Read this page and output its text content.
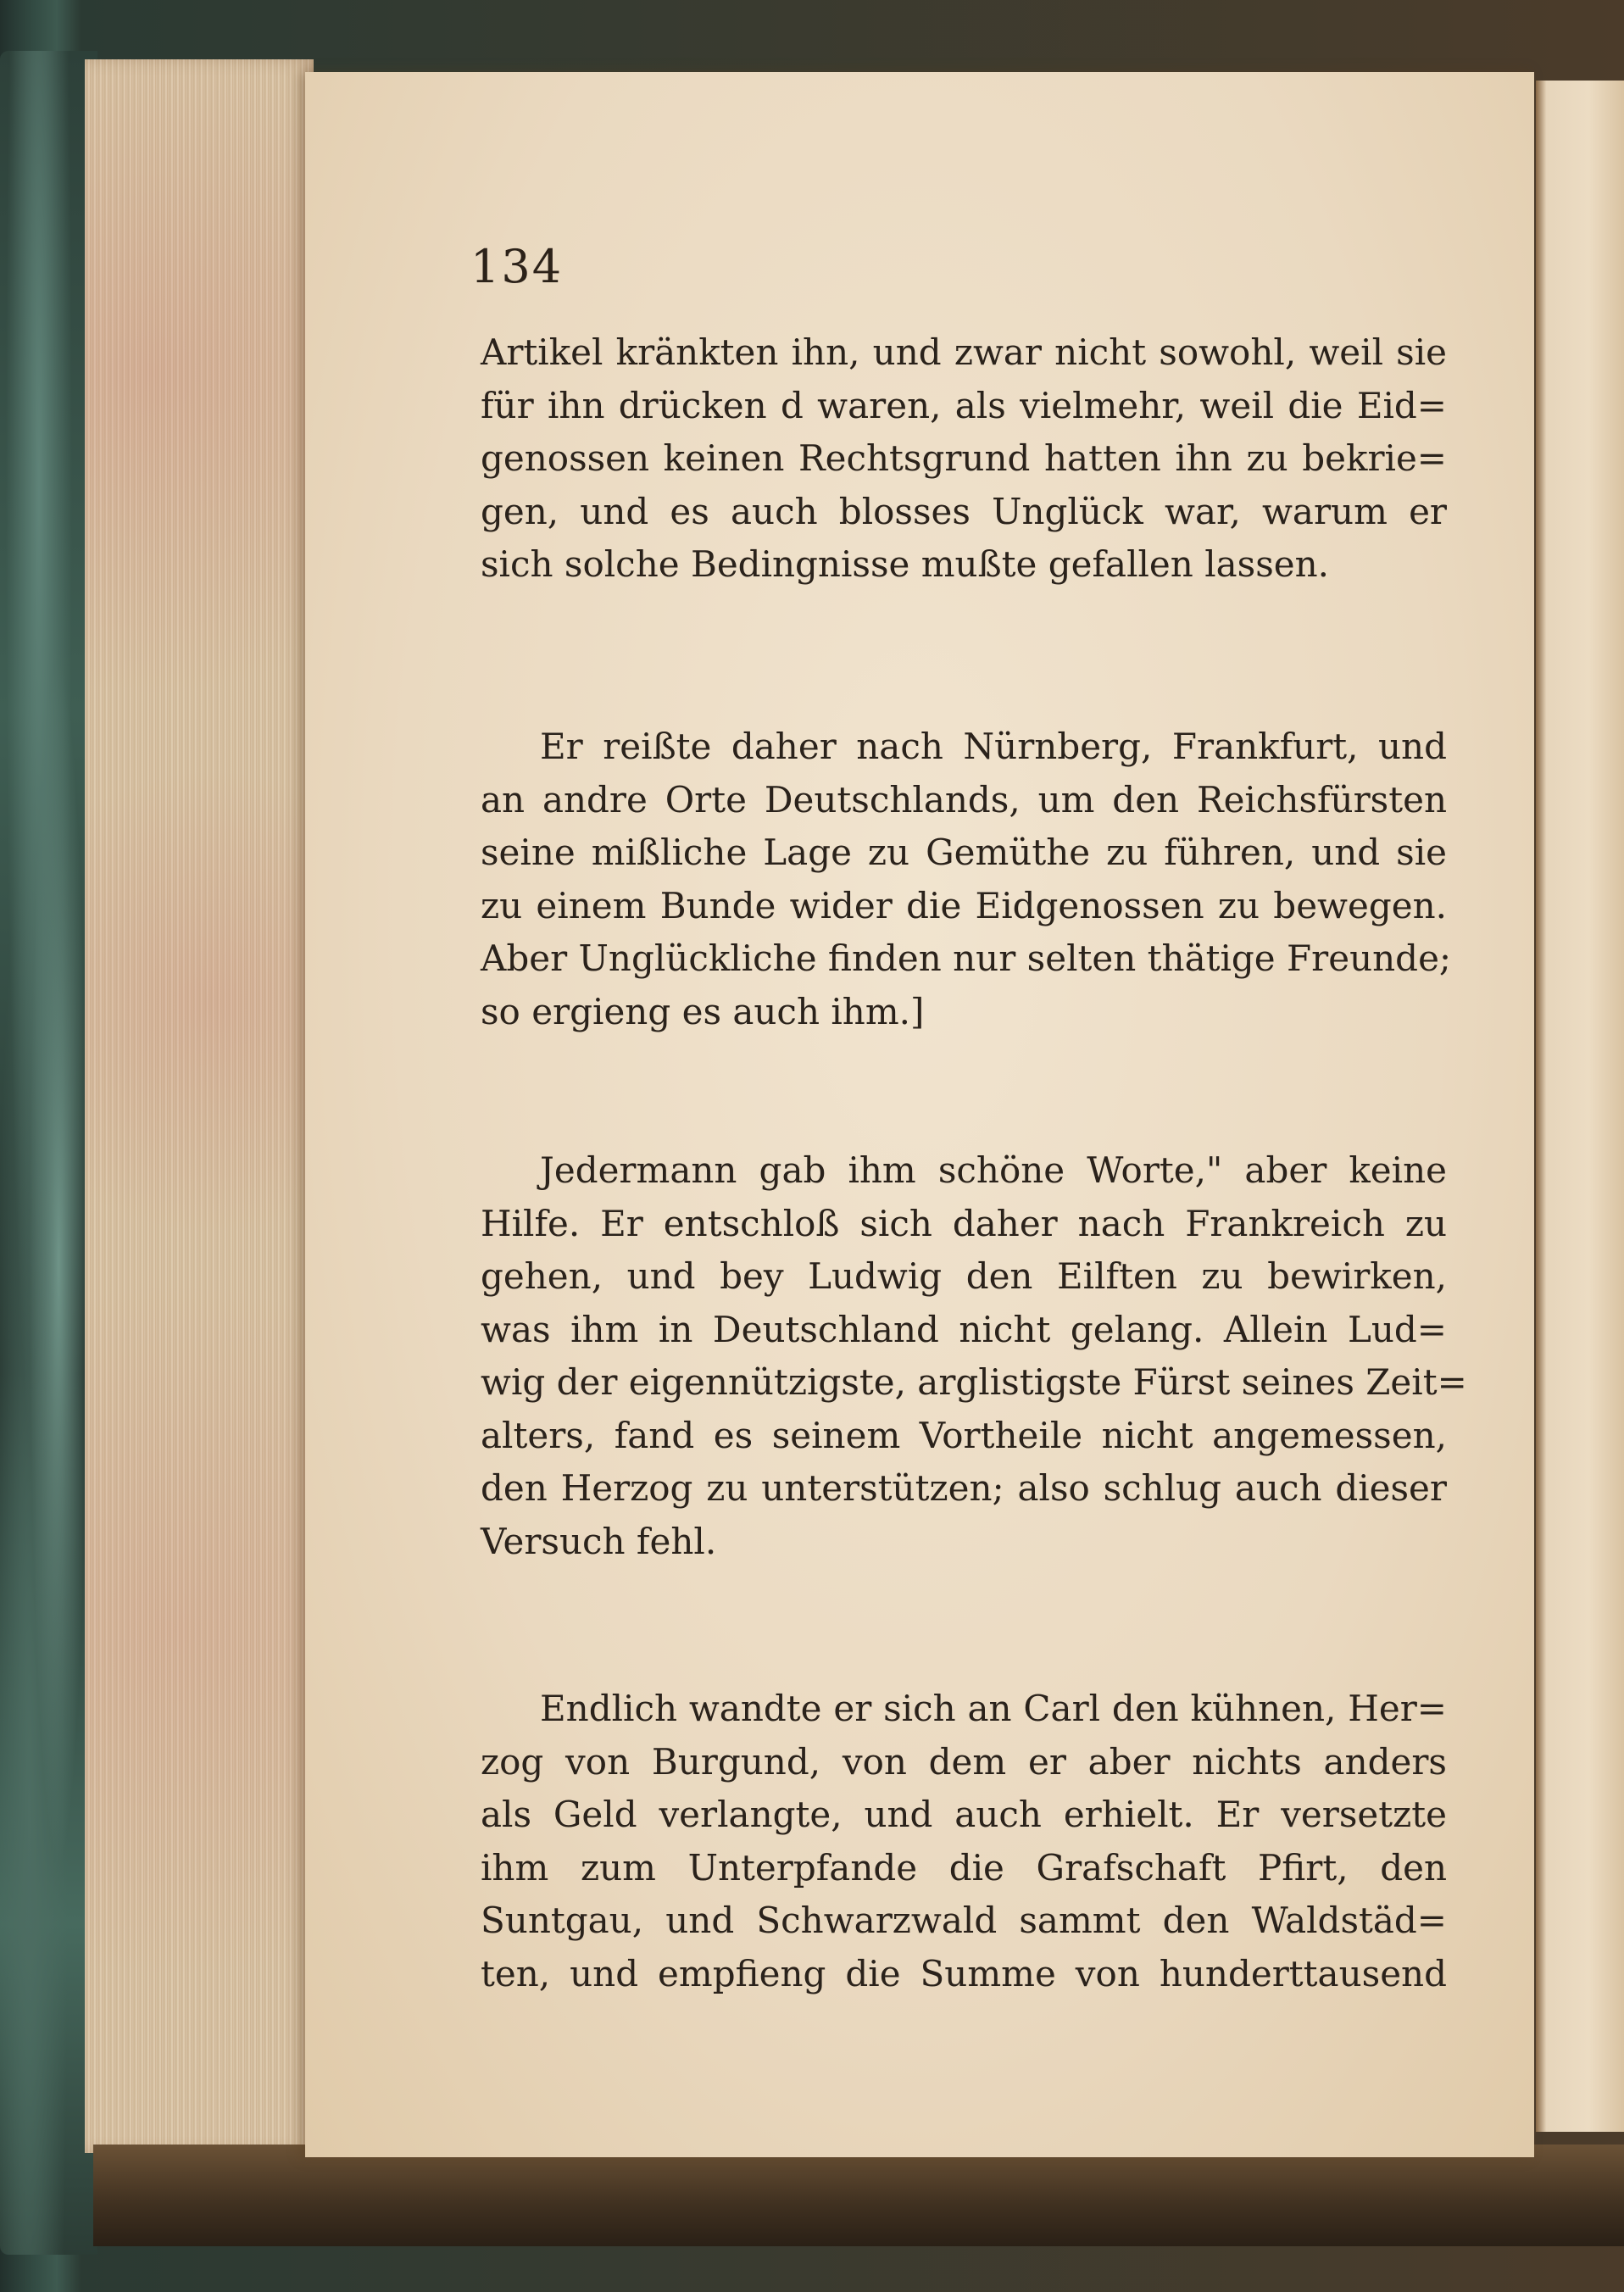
134
Artikel kränkten ihn, und zwar nicht sowohl, weil sie
für ihn drücken d waren, als vielmehr, weil die Eid=
genossen keinen Rechtsgrund hatten ihn zu bekrie=
gen, und es auch blosses Unglück war, warum er
sich solche Bedingnisse mußte gefallen lassen.
Er reißte daher nach Nürnberg, Frankfurt, und
an andre Orte Deutschlands, um den Reichsfürsten
seine mißliche Lage zu Gemüthe zu führen, und sie
zu einem Bunde wider die Eidgenossen zu bewegen.
Aber Unglückliche finden nur selten thätige Freunde;
so ergieng es auch ihm.]
Jedermann gab ihm schöne Worte," aber keine
Hilfe. Er entschloß sich daher nach Frankreich zu
gehen, und bey Ludwig den Eilften zu bewirken,
was ihm in Deutschland nicht gelang. Allein Lud=
wig der eigennützigste, arglistigste Fürst seines Zeit=
alters, fand es seinem Vortheile nicht angemessen,
den Herzog zu unterstützen; also schlug auch dieser
Versuch fehl.
Endlich wandte er sich an Carl den kühnen, Her=
zog von Burgund, von dem er aber nichts anders
als Geld verlangte, und auch erhielt. Er versetzte
ihm zum Unterpfande die Grafschaft Pfirt, den
Suntgau, und Schwarzwald sammt den Waldstäd=
ten, und empfieng die Summe von hunderttausend
